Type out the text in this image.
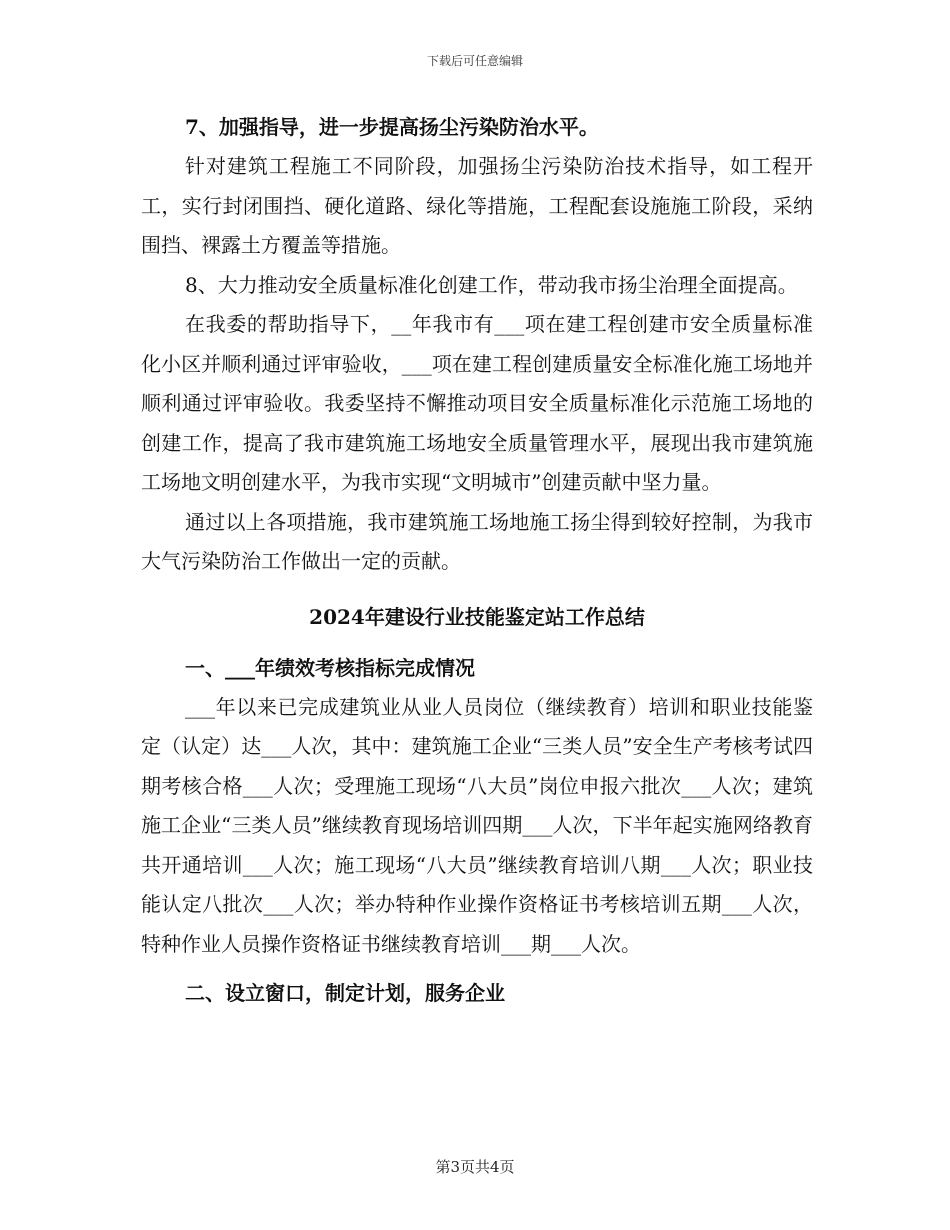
下载后可任意编辑

7、加强指导，进一步提高扬尘污染防治水平。

针对建筑工程施工不同阶段，加强扬尘污染防治技术指导，如工程开工，实行封闭围挡、硬化道路、绿化等措施，工程配套设施施工阶段，采纳围挡、裸露土方覆盖等措施。

8、大力推动安全质量标准化创建工作，带动我市扬尘治理全面提高。

在我委的帮助指导下，__年我市有___项在建工程创建市安全质量标准化小区并顺利通过评审验收，___项在建工程创建质量安全标准化施工场地并顺利通过评审验收。我委坚持不懈推动项目安全质量标准化示范施工场地的创建工作，提高了我市建筑施工场地安全质量管理水平，展现出我市建筑施工场地文明创建水平，为我市实现“文明城市”创建贡献中坚力量。

通过以上各项措施，我市建筑施工场地施工扬尘得到较好控制，为我市大气污染防治工作做出一定的贡献。

2024年建设行业技能鉴定站工作总结

一、___年绩效考核指标完成情况

___年以来已完成建筑业从业人员岗位（继续教育）培训和职业技能鉴定（认定）达___人次，其中：建筑施工企业“三类人员”安全生产考核考试四期考核合格___人次；受理施工现场“八大员”岗位申报六批次___人次；建筑施工企业“三类人员”继续教育现场培训四期___人次，下半年起实施网络教育共开通培训___人次；施工现场“八大员”继续教育培训八期___人次；职业技能认定八批次___人次；举办特种作业操作资格证书考核培训五期___人次，特种作业人员操作资格证书继续教育培训___期___人次。

二、设立窗口，制定计划，服务企业

第3页共4页
